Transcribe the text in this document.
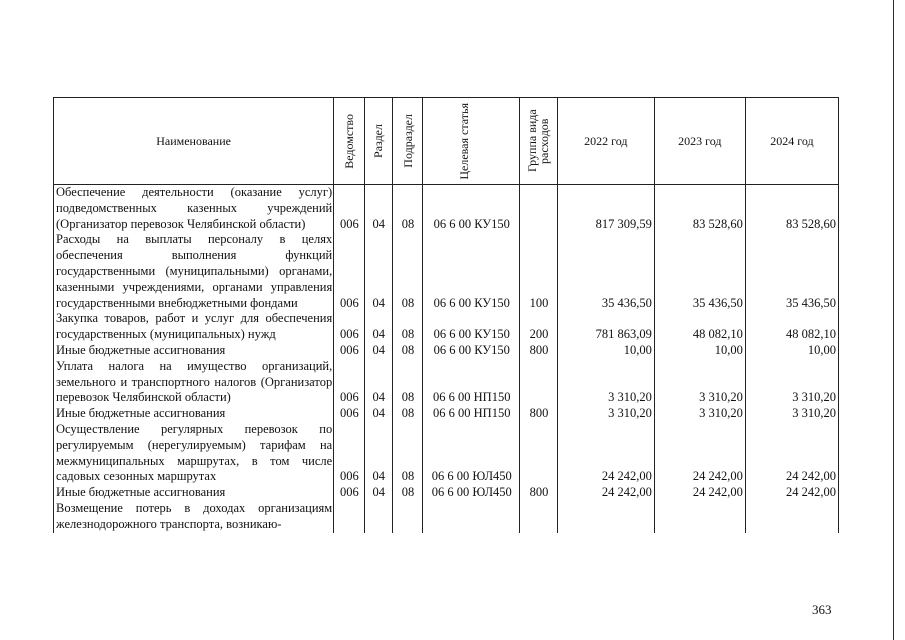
Наименование	Ведомство	Раздел	Подраздел	Целевая статья	Группа вида расходов	2022 год	2023 год	2024 год
Обеспечение деятельности (оказание услуг) подведомственных казенных учреждений (Организатор перевозок Челябинской области)	006	04	08	06 6 00 КУ150		817 309,59	83 528,60	83 528,60
Расходы на выплаты персоналу в целях обеспечения выполнения функций государственными (муниципальными) органами, казенными учреждениями, органами управления государственными внебюджетными фондами	006	04	08	06 6 00 КУ150	100	35 436,50	35 436,50	35 436,50
Закупка товаров, работ и услуг для обеспечения государственных (муниципальных) нужд	006	04	08	06 6 00 КУ150	200	781 863,09	48 082,10	48 082,10
Иные бюджетные ассигнования	006	04	08	06 6 00 КУ150	800	10,00	10,00	10,00
Уплата налога на имущество организаций, земельного и транспортного налогов (Организатор перевозок Челябинской области)	006	04	08	06 6 00 НП150		3 310,20	3 310,20	3 310,20
Иные бюджетные ассигнования	006	04	08	06 6 00 НП150	800	3 310,20	3 310,20	3 310,20
Осуществление регулярных перевозок по регулируемым (нерегулируемым) тарифам на межмуниципальных маршрутах, в том числе садовых сезонных маршрутах	006	04	08	06 6 00 ЮЛ450		24 242,00	24 242,00	24 242,00
Иные бюджетные ассигнования	006	04	08	06 6 00 ЮЛ450	800	24 242,00	24 242,00	24 242,00
Возмещение потерь в доходах организациям железнодорожного транспорта, возникаю-								
363
